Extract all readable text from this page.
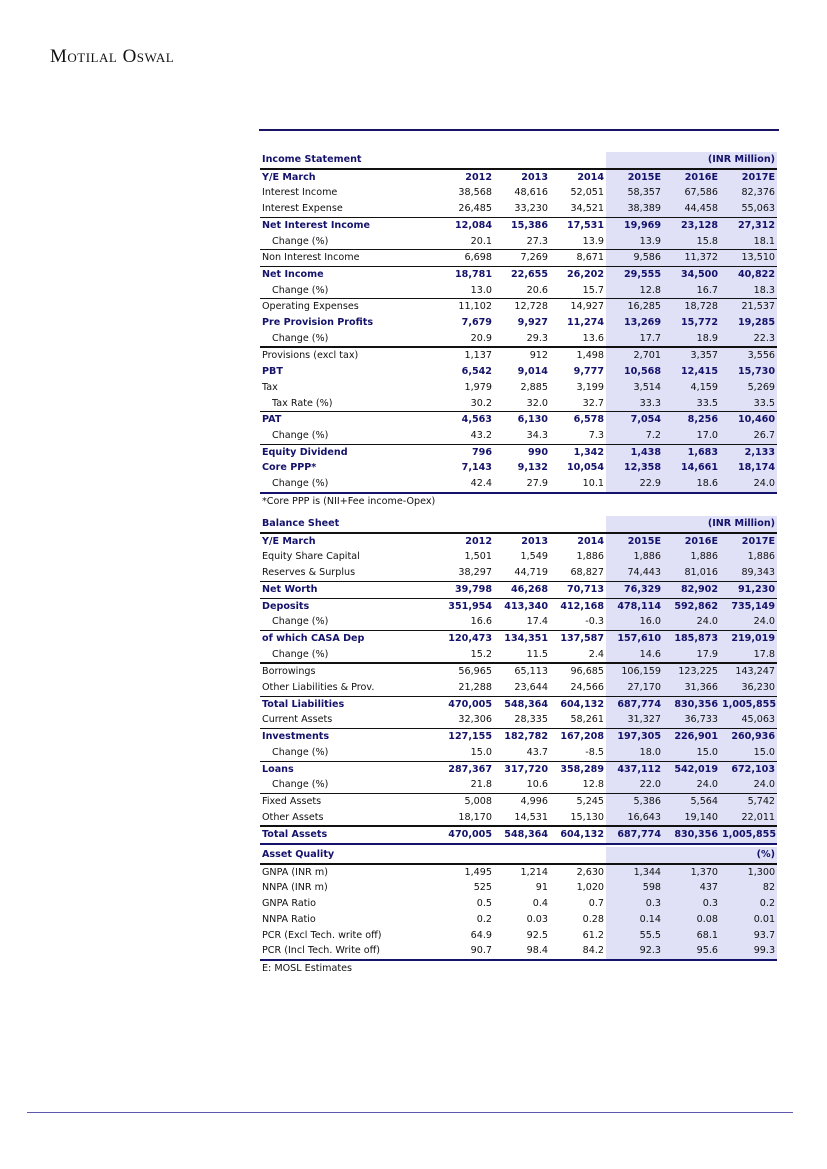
Motilal Oswal
Income Statement				(INR Million)		
Y/E March	2012	2013	2014	2015E	2016E	2017E
Interest Income	38,568	48,616	52,051	58,357	67,586	82,376
Interest Expense	26,485	33,230	34,521	38,389	44,458	55,063
Net Interest Income	12,084	15,386	17,531	19,969	23,128	27,312
Change (%)	20.1	27.3	13.9	13.9	15.8	18.1
Non Interest Income	6,698	7,269	8,671	9,586	11,372	13,510
Net Income	18,781	22,655	26,202	29,555	34,500	40,822
Change (%)	13.0	20.6	15.7	12.8	16.7	18.3
Operating Expenses	11,102	12,728	14,927	16,285	18,728	21,537
Pre Provision Profits	7,679	9,927	11,274	13,269	15,772	19,285
Change (%)	20.9	29.3	13.6	17.7	18.9	22.3
Provisions (excl tax)	1,137	912	1,498	2,701	3,357	3,556
PBT	6,542	9,014	9,777	10,568	12,415	15,730
Tax	1,979	2,885	3,199	3,514	4,159	5,269
Tax Rate (%)	30.2	32.0	32.7	33.3	33.5	33.5
PAT	4,563	6,130	6,578	7,054	8,256	10,460
Change (%)	43.2	34.3	7.3	7.2	17.0	26.7
Equity Dividend	796	990	1,342	1,438	1,683	2,133
Core PPP*	7,143	9,132	10,054	12,358	14,661	18,174
Change (%)	42.4	27.9	10.1	22.9	18.6	24.0
*Core PPP is (NII+Fee income-Opex)						
Balance Sheet				(INR Million)		
Y/E March	2012	2013	2014	2015E	2016E	2017E
Equity Share Capital	1,501	1,549	1,886	1,886	1,886	1,886
Reserves & Surplus	38,297	44,719	68,827	74,443	81,016	89,343
Net Worth	39,798	46,268	70,713	76,329	82,902	91,230
Deposits	351,954	413,340	412,168	478,114	592,862	735,149
Change (%)	16.6	17.4	-0.3	16.0	24.0	24.0
of which CASA Dep	120,473	134,351	137,587	157,610	185,873	219,019
Change (%)	15.2	11.5	2.4	14.6	17.9	17.8
Borrowings	56,965	65,113	96,685	106,159	123,225	143,247
Other Liabilities & Prov.	21,288	23,644	24,566	27,170	31,366	36,230
Total Liabilities	470,005	548,364	604,132	687,774	830,356	1,005,855
Current Assets	32,306	28,335	58,261	31,327	36,733	45,063
Investments	127,155	182,782	167,208	197,305	226,901	260,936
Change (%)	15.0	43.7	-8.5	18.0	15.0	15.0
Loans	287,367	317,720	358,289	437,112	542,019	672,103
Change (%)	21.8	10.6	12.8	22.0	24.0	24.0
Fixed Assets	5,008	4,996	5,245	5,386	5,564	5,742
Other Assets	18,170	14,531	15,130	16,643	19,140	22,011
Total Assets	470,005	548,364	604,132	687,774	830,356	1,005,855
Asset Quality				(%)		
GNPA (INR m)	1,495	1,214	2,630	1,344	1,370	1,300
NNPA (INR m)	525	91	1,020	598	437	82
GNPA Ratio	0.5	0.4	0.7	0.3	0.3	0.2
NNPA Ratio	0.2	0.03	0.28	0.14	0.08	0.01
PCR (Excl Tech. write off)	64.9	92.5	61.2	55.5	68.1	93.7
PCR (Incl Tech. Write off)	90.7	98.4	84.2	92.3	95.6	99.3
E: MOSL Estimates						
